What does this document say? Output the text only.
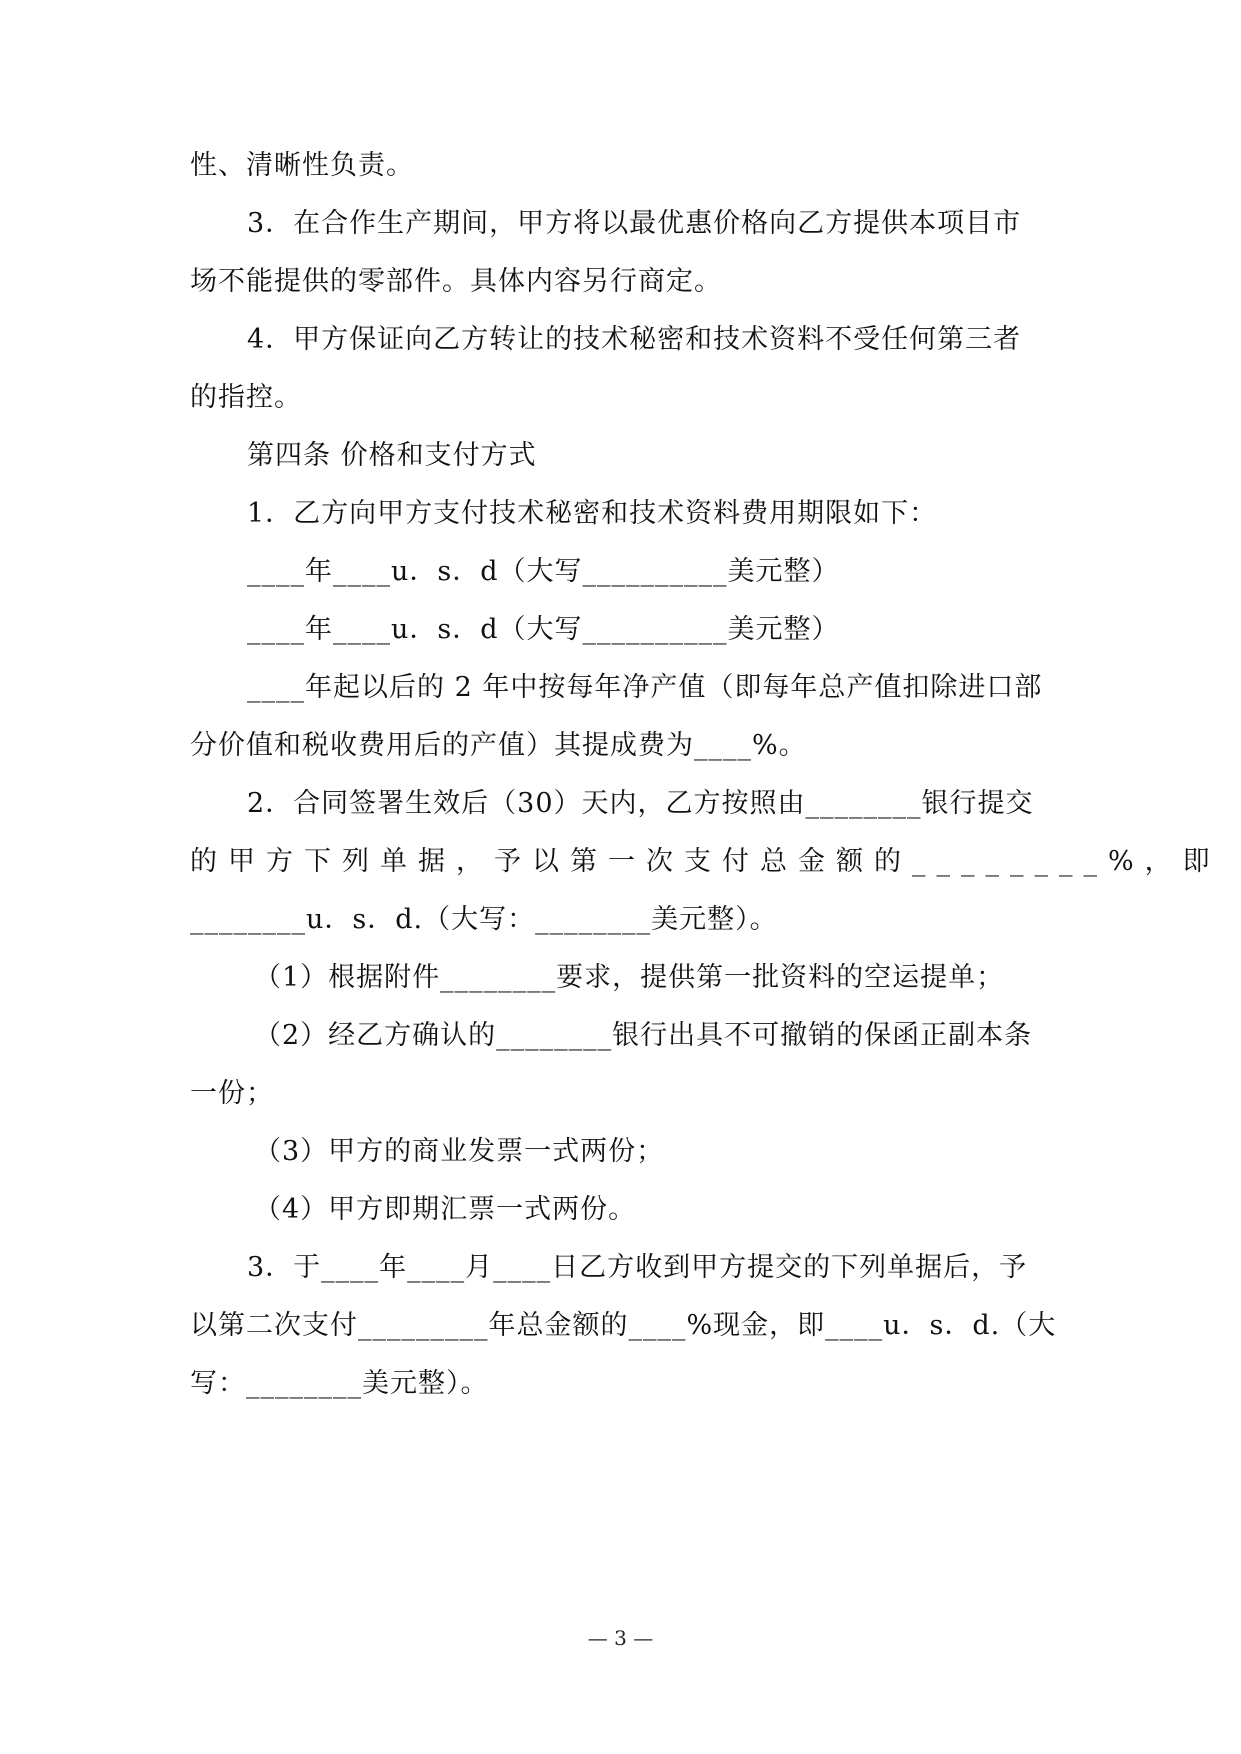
性、清晰性负责。
3．在合作生产期间，甲方将以最优惠价格向乙方提供本项目市
场不能提供的零部件。具体内容另行商定。
4．甲方保证向乙方转让的技术秘密和技术资料不受任何第三者
的指控。
第四条 价格和支付方式
1．乙方向甲方支付技术秘密和技术资料费用期限如下：
____年____u．s．d（大写__________美元整）
____年____u．s．d（大写__________美元整）
____年起以后的 2 年中按每年净产值（即每年总产值扣除进口部
分价值和税收费用后的产值）其提成费为____%。
2．合同签署生效后（30）天内，乙方按照由________银行提交
的甲方下列单据，予以第一次支付总金额的________%，即
________u．s．d.（大写：________美元整）。
（1）根据附件________要求，提供第一批资料的空运提单；
（2）经乙方确认的________银行出具不可撤销的保函正副本条
一份；
（3）甲方的商业发票一式两份；
（4）甲方即期汇票一式两份。
3．于____年____月____日乙方收到甲方提交的下列单据后，予
以第二次支付_________年总金额的____%现金，即____u．s．d.（大
写：________美元整）。
— 3 —
